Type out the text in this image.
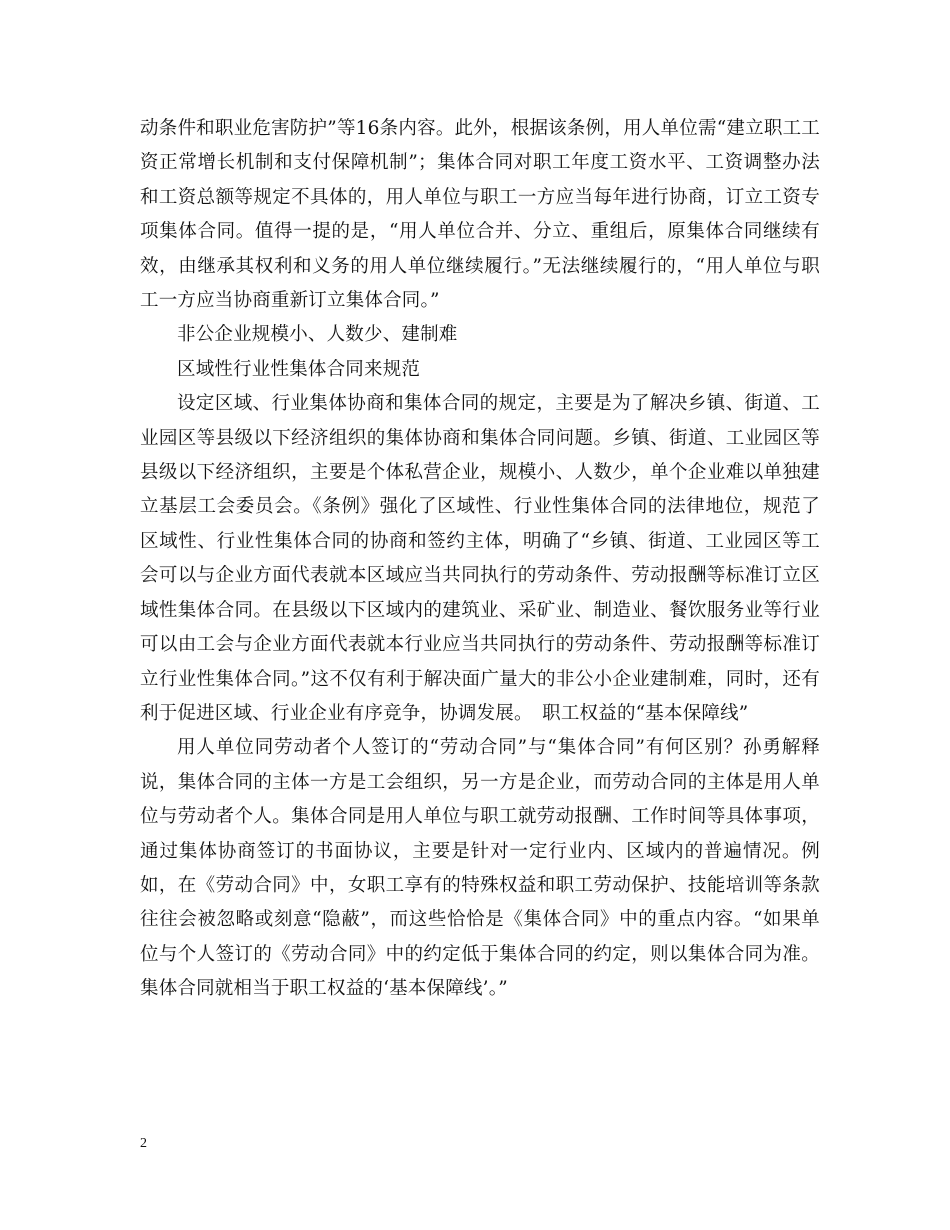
动条件和职业危害防护”等16条内容。此外，根据该条例，用人单位需“建立职工工资正常增长机制和支付保障机制”；集体合同对职工年度工资水平、工资调整办法和工资总额等规定不具体的，用人单位与职工一方应当每年进行协商，订立工资专项集体合同。值得一提的是，“用人单位合并、分立、重组后，原集体合同继续有效，由继承其权利和义务的用人单位继续履行。”无法继续履行的，“用人单位与职工一方应当协商重新订立集体合同。”

非公企业规模小、人数少、建制难

区域性行业性集体合同来规范

设定区域、行业集体协商和集体合同的规定，主要是为了解决乡镇、街道、工业园区等县级以下经济组织的集体协商和集体合同问题。乡镇、街道、工业园区等县级以下经济组织，主要是个体私营企业，规模小、人数少，单个企业难以单独建立基层工会委员会。《条例》强化了区域性、行业性集体合同的法律地位，规范了区域性、行业性集体合同的协商和签约主体，明确了“乡镇、街道、工业园区等工会可以与企业方面代表就本区域应当共同执行的劳动条件、劳动报酬等标准订立区域性集体合同。在县级以下区域内的建筑业、采矿业、制造业、餐饮服务业等行业可以由工会与企业方面代表就本行业应当共同执行的劳动条件、劳动报酬等标准订立行业性集体合同。”这不仅有利于解决面广量大的非公小企业建制难，同时，还有利于促进区域、行业企业有序竞争，协调发展。　职工权益的“基本保障线”

用人单位同劳动者个人签订的“劳动合同”与“集体合同”有何区别？孙勇解释说，集体合同的主体一方是工会组织，另一方是企业，而劳动合同的主体是用人单位与劳动者个人。集体合同是用人单位与职工就劳动报酬、工作时间等具体事项，通过集体协商签订的书面协议，主要是针对一定行业内、区域内的普遍情况。例如，在《劳动合同》中，女职工享有的特殊权益和职工劳动保护、技能培训等条款往往会被忽略或刻意“隐蔽”，而这些恰恰是《集体合同》中的重点内容。“如果单位与个人签订的《劳动合同》中的约定低于集体合同的约定，则以集体合同为准。集体合同就相当于职工权益的‘基本保障线’。”

2
